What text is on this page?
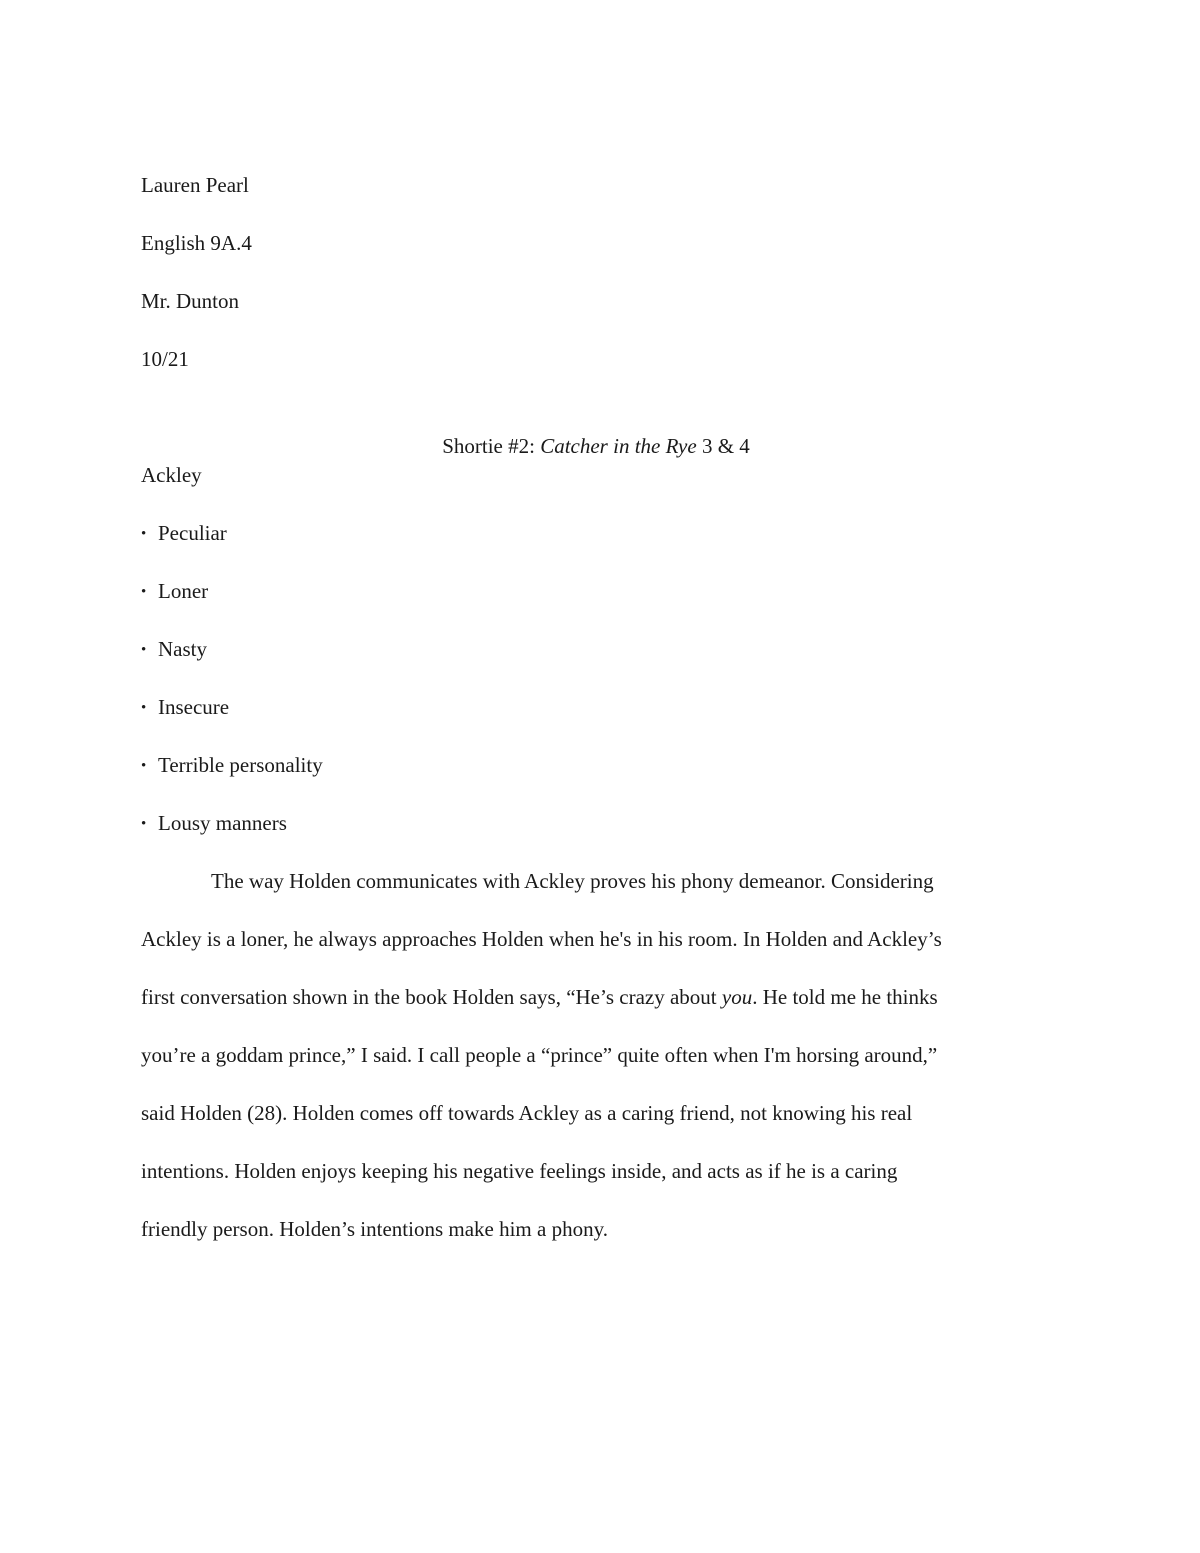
Lauren Pearl
English 9A.4
Mr. Dunton
10/21
Shortie #2: Catcher in the Rye 3 & 4
Ackley
• Peculiar
• Loner
• Nasty
• Insecure
• Terrible personality
• Lousy manners
The way Holden communicates with Ackley proves his phony demeanor. Considering
Ackley is a loner, he always approaches Holden when he's in his room. In Holden and Ackley’s
first conversation shown in the book Holden says, “He’s crazy about you. He told me he thinks
you’re a goddam prince,” I said. I call people a “prince” quite often when I'm horsing around,”
said Holden (28). Holden comes off towards Ackley as a caring friend, not knowing his real
intentions. Holden enjoys keeping his negative feelings inside, and acts as if he is a caring
friendly person. Holden’s intentions make him a phony.
